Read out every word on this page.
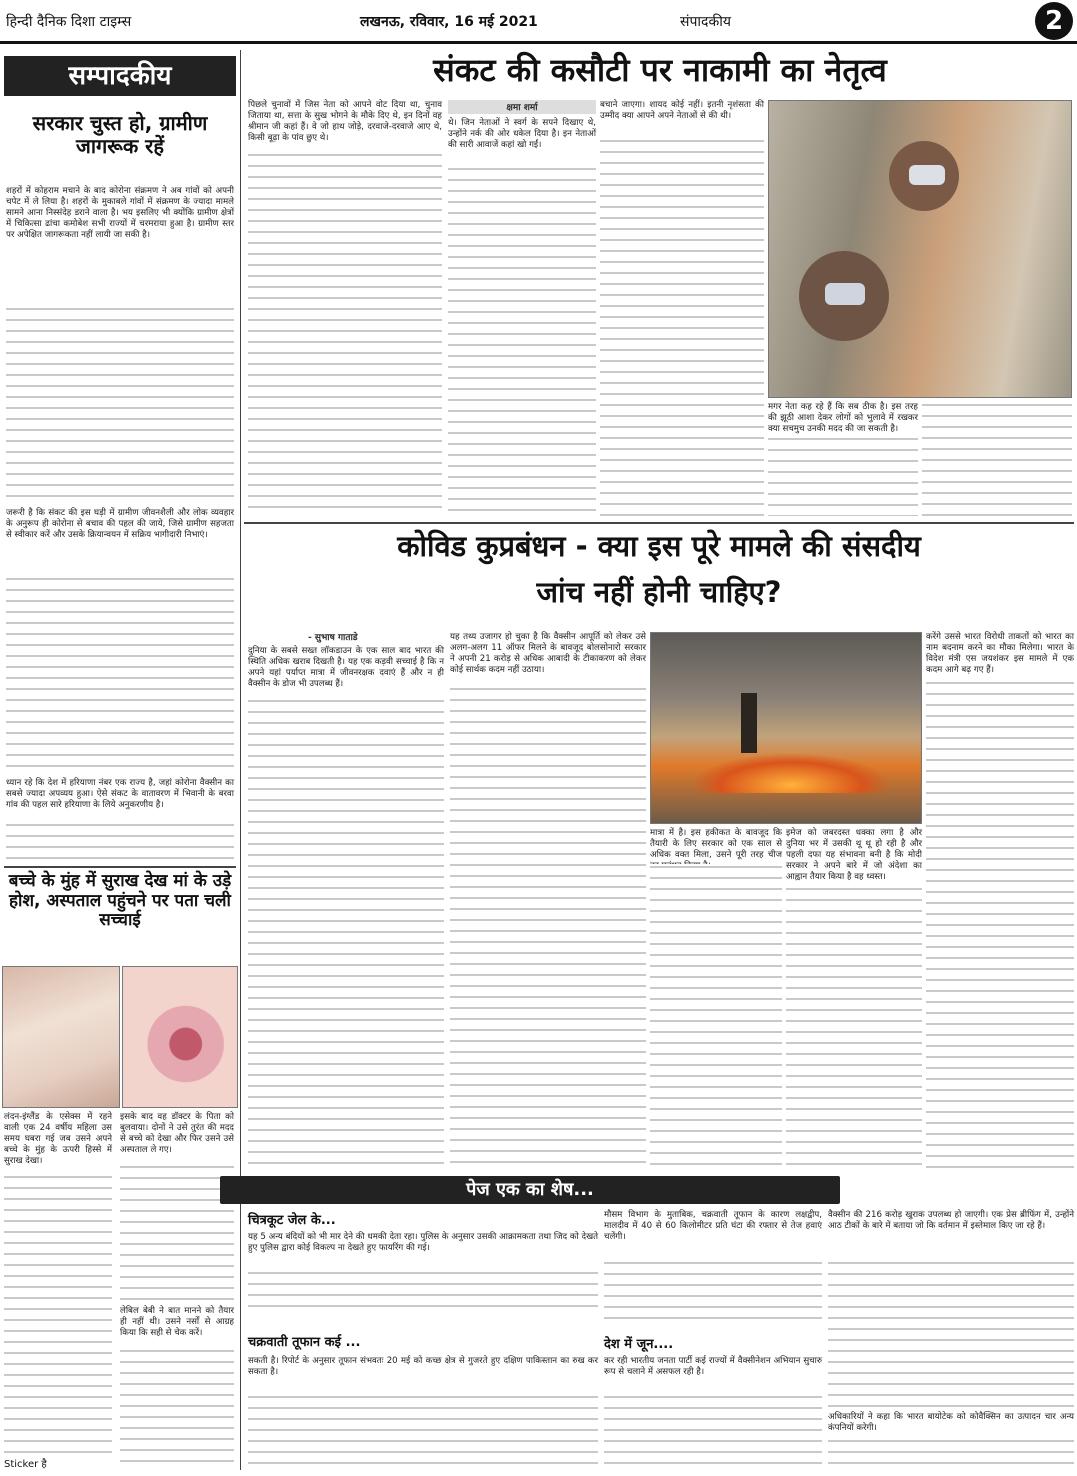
हिन्दी दैनिक दिशा टाइम्स	लखनऊ, रविवार, 16 मई 2021	संपादकीय	2
सम्पादकीय
सरकार चुस्त हो, ग्रामीण जागरूक रहें

शहरों में कोहराम मचाने के बाद कोरोना संक्रमण ने अब गांवों को अपनी चपेट में ले लिया है। शहरों के मुकाबले गांवों में संक्रमण के ज्यादा मामले सामने आना निस्संदेह डराने वाला है। भय इसलिए भी क्योंकि ग्रामीण क्षेत्रों में चिकित्सा ढांचा कमोबेश सभी राज्यों में चरमराया हुआ है। ग्रामीण स्तर पर अपेक्षित जागरूकता नहीं लायी जा सकी है।

जरूरी है कि संकट की इस घड़ी में ग्रामीण जीवनशैली और लोक व्यवहार के अनुरूप ही कोरोना से बचाव की पहल की जाये, जिसे ग्रामीण सहजता से स्वीकार करें और उसके क्रियान्वयन में सक्रिय भागीदारी निभाएं।

ध्यान रहे कि देश में हरियाणा नंबर एक राज्य है, जहां कोरोना वैक्सीन का सबसे ज्यादा अपव्यय हुआ। ऐसे संकट के वातावरण में भिवानी के बरवा गांव की पहल सारे हरियाणा के लिये अनुकरणीय है।

बच्चे के मुंह में सुराख देख मां के उड़े होश, अस्पताल पहुंचने पर पता चली सच्चाई

लंदन-इंग्लैंड के एसेक्स में रहने वाली एक 24 वर्षीय महिला उस समय घबरा गई जब उसने अपने बच्चे के मुंह के ऊपरी हिस्से में सुराख देखा।

Sticker है

इसके बाद वह डॉक्टर के पिता को बुलवाया। दोनों ने उसे तुरंत की मदद से बच्चे को देखा और फिर उसने उसे अस्पताल ले गए।

लेबिल बेबी ने बात मानने को तैयार ही नहीं थी। उसने नर्सों से आग्रह किया कि सही से चेक करें।

संकट की कसौटी पर नाकामी का नेतृत्व

पिछले चुनावों में जिस नेता को आपने वोट दिया था, चुनाव जिताया था, सत्ता के सुख भोगने के मौके दिए थे, इन दिनों वह श्रीमान जी कहां हैं। वे जो हाथ जोड़े, दरवाजे-दरवाजे आए थे, किसी बूढ़ा के पांव छुए थे।

क्षमा शर्मा

थे। जिन नेताओं ने स्वर्ग के सपने दिखाए थे, उन्होंने नर्क की ओर धकेल दिया है। इन नेताओं की सारी आवाजें कहां खो गईं।

बचाने जाएगा। शायद कोई नहीं। इतनी नृशंसता की उम्मीद क्या आपने अपने नेताओं से की थी।

मगर नेता कह रहे हैं कि सब ठीक है। इस तरह की झूठी आशा देकर लोगों को भुलावे में रखकर क्या सचमुच उनकी मदद की जा सकती है।

कोविड कुप्रबंधन - क्या इस पूरे मामले की संसदीय
जांच नहीं होनी चाहिए?
- सुभाष गाताडे

दुनिया के सबसे सख्त लॉकडाउन के एक साल बाद भारत की स्थिति अधिक खराब दिखती है। यह एक कड़वी सच्चाई है कि न अपने यहां पर्याप्त मात्रा में जीवनरक्षक दवाएं हैं और न ही वैक्सीन के डोज भी उपलब्ध हैं।

यह तथ्य उजागर हो चुका है कि वैक्सीन आपूर्ति को लेकर उसे अलग-अलग 11 ऑफर मिलने के बावजूद बोलसोनारो सरकार ने अपनी 21 करोड़ से अधिक आबादी के टीकाकरण को लेकर कोई सार्थक कदम नहीं उठाया।

मात्रा में है। इस हकीकत के बावजूद कि तैयारी के लिए सरकार को एक साल से अधिक वक्त मिला, उसने पूरी तरह चीज

इमेज को जबरदस्त धक्का लगा है और दुनिया भर में उसकी थू थू हो रही है और पहली दफा यह संभावना बनी है कि मोदी सरकार ने अपने बारे में जो अंदेशा का आह्वान तैयार किया है वह ध्वस्त।

करेंगे उससे भारत विरोधी ताकतों को भारत का नाम बदनाम करने का मौका मिलेगा। भारत के विदेश मंत्री एस जयशंकर इस मामले में एक कदम आगे बढ़ गए हैं।

पेज एक का शेष...
चित्रकूट जेल के...

यह 5 अन्य बंदियों को भी मार देने की धमकी देता रहा। पुलिस के अनुसार उसकी आक्रामकता तथा जिद को देखते हुए पुलिस द्वारा कोई विकल्प ना देखते हुए फायरिंग की गई।

चक्रवाती तूफान कई ...

सकती है। रिपोर्ट के अनुसार तूफान संभवतः 20 मई को कच्छ क्षेत्र से गुजरते हुए दक्षिण पाकिस्तान का रुख कर सकता है।

मौसम विभाग के मुताबिक, चक्रवाती तूफान के कारण लक्षद्वीप, मालदीव में 40 से 60 किलोमीटर प्रति घंटा की रफ्तार से तेज हवाएं चलेंगी।

देश में जून....

कर रही भारतीय जनता पार्टी कई राज्यों में वैक्सीनेशन अभियान सुचारु रूप से चलाने में असफल रही है।

वैक्सीन की 216 करोड़ खुराक उपलब्ध हो जाएगी। एक प्रेस ब्रीफिंग में, उन्होंने आठ टीकों के बारे में बताया जो कि वर्तमान में इस्तेमाल किए जा रहे हैं।

अधिकारियों ने कहा कि भारत बायोटेक को कोवैक्सिन का उत्पादन चार अन्य कंपनियों करेगी।
